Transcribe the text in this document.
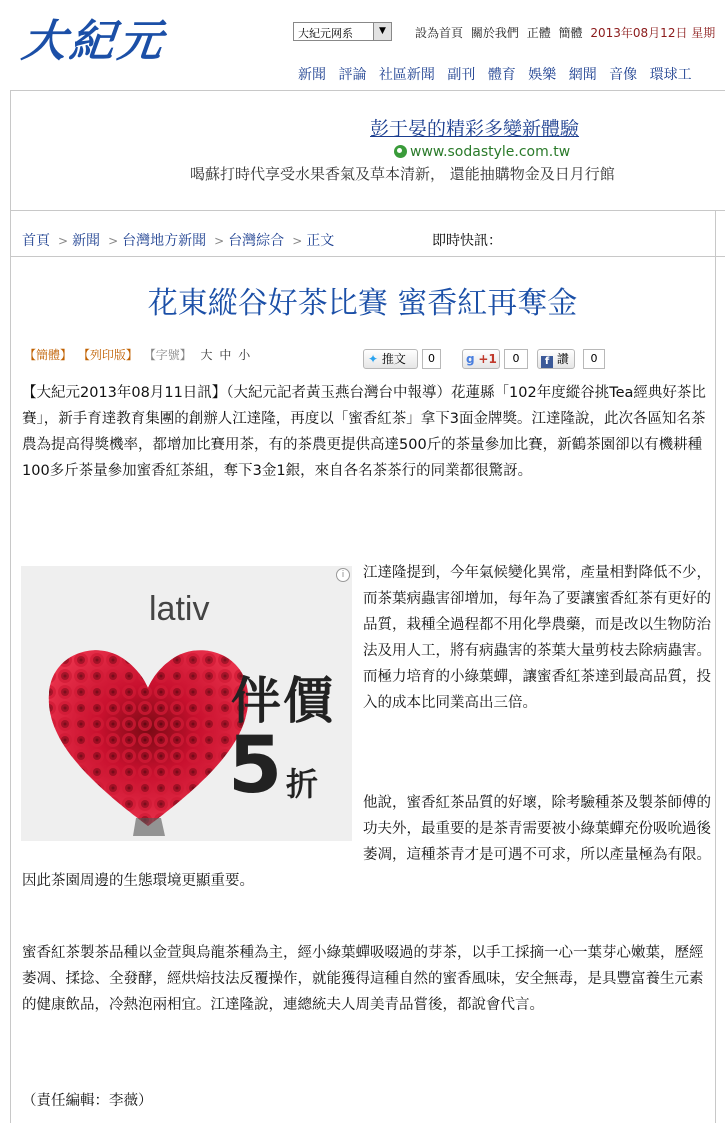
大紀元	大紀元网系	▼	設為首頁 關於我們 正體 簡體 2013年08月12日 星期
新聞 評論 社區新聞 副刊 體育 娛樂 網聞 音像 環球工
彭于晏的精彩多變新體驗
www.sodastyle.com.tw
喝蘇打時代享受水果香氣及草本清新， 還能抽購物金及日月行館
首頁 > 新聞 > 台灣地方新聞 > 台灣綜合 > 正文	即時快訊：
花東縱谷好茶比賽 蜜香紅再奪金
【簡體】 【列印版】 【字號】 大 中 小	✦ 推文	0	g +1	0	f 讚	0

【大紀元2013年08月11日訊】（大紀元記者黃玉燕台灣台中報導）花蓮縣「102年度縱谷挑Tea經典好茶比賽」，新手育達教育集團的創辦人江達隆，再度以「蜜香紅茶」拿下3面金牌獎。江達隆說，此次各區知名茶農為提高得獎機率，都增加比賽用茶，有的茶農更提供高達500斤的茶量參加比賽，新鶴茶園卻以有機耕種100多斤茶量參加蜜香紅茶組，奪下3金1銀，來自各名茶茶行的同業都很驚訝。

i
lativ
伴價
5 折

江達隆提到，今年氣候變化異常，產量相對降低不少，而茶葉病蟲害卻增加，每年為了要讓蜜香紅茶有更好的品質，栽種全過程都不用化學農藥，而是改以生物防治法及用人工，將有病蟲害的茶葉大量剪枝去除病蟲害。而極力培育的小綠葉蟬，讓蜜香紅茶達到最高品質，投入的成本比同業高出三倍。

他說，蜜香紅茶品質的好壞，除考驗種茶及製茶師傅的功夫外，最重要的是茶青需要被小綠葉蟬充份吸吮過後萎凋，這種茶青才是可遇不可求，所以產量極為有限。因此茶園周邊的生態環境更顯重要。

蜜香紅茶製茶品種以金萱與烏龍茶種為主，經小綠葉蟬吸啜過的芽茶，以手工採摘一心一葉芽心嫩葉，歷經萎凋、揉捻、全發酵，經烘焙技法反覆操作，就能獲得這種自然的蜜香風味，安全無毒，是具豐富養生元素的健康飲品，冷熱泡兩相宜。江達隆說，連總統夫人周美青品嘗後，都說會代言。

（責任編輯：李薇）
